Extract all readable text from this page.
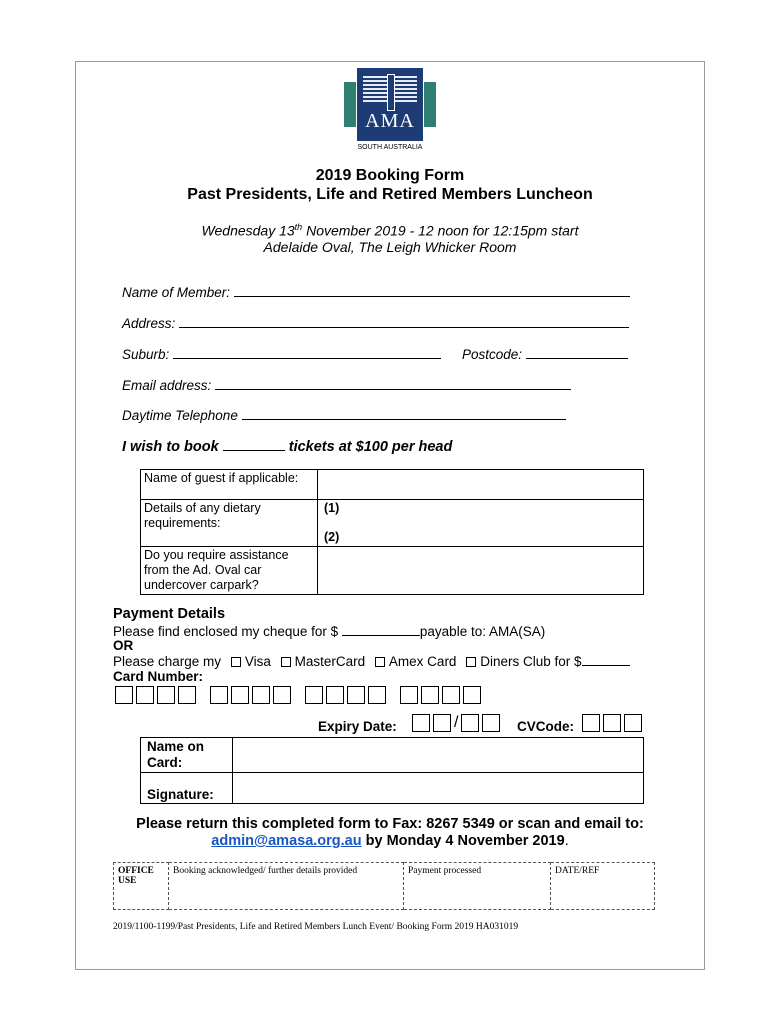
AMA
SOUTH AUSTRALIA
2019 Booking Form
Past Presidents, Life and Retired Members Luncheon
Wednesday 13th November 2019 - 12 noon for 12:15pm start
Adelaide Oval, The Leigh Whicker Room
Name of Member:
Address:
Suburb:	Postcode:
Email address:
Daytime Telephone
I wish to book	tickets at $100 per head
Name of guest if applicable:	
Details of any dietary requirements:	(1)
(2)

Do you require assistance from the Ad. Oval car undercover carpark?	
Payment Details
Please find enclosed my cheque for $	payable to: AMA(SA)
OR
Please charge my Visa MasterCard Amex Card Diners Club for $
Card Number:
Expiry Date:	/	CVCode:
Name on Card:	
Signature:	
Please return this completed form to Fax: 8267 5349 or scan and email to:
admin@amasa.org.au by Monday 4 November 2019.
OFFICE USE	Booking acknowledged/ further details provided	Payment processed	DATE/REF
2019/1100-1199/Past Presidents, Life and Retired Members Lunch Event/ Booking Form 2019 HA031019
